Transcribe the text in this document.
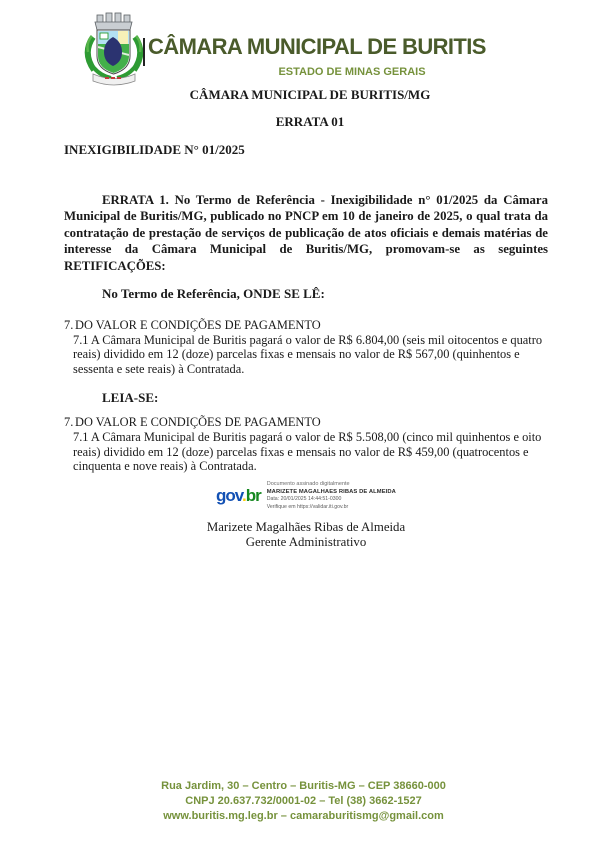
CÂMARA MUNICIPAL DE BURITIS
ESTADO DE MINAS GERAIS
CÂMARA MUNICIPAL DE BURITIS/MG
ERRATA 01
INEXIGIBILIDADE N° 01/2025

ERRATA 1. No Termo de Referência - Inexigibilidade n° 01/2025 da Câmara Municipal de Buritis/MG, publicado no PNCP em 10 de janeiro de 2025, o qual trata da contratação de prestação de serviços de publicação de atos oficiais e demais matérias de interesse da Câmara Municipal de Buritis/MG, promovam-se as seguintes RETIFICAÇÕES:

No Termo de Referência, ONDE SE LÊ:
7. DO VALOR E CONDIÇÕES DE PAGAMENTO

7.1 A Câmara Municipal de Buritis pagará o valor de R$ 6.804,00 (seis mil oitocentos e quatro reais) dividido em 12 (doze) parcelas fixas e mensais no valor de R$ 567,00 (quinhentos e sessenta e sete reais) à Contratada.

LEIA-SE:
7. DO VALOR E CONDIÇÕES DE PAGAMENTO

7.1 A Câmara Municipal de Buritis pagará o valor de R$ 5.508,00 (cinco mil quinhentos e oito reais) dividido em 12 (doze) parcelas fixas e mensais no valor de R$ 459,00 (quatrocentos e cinquenta e nove reais) à Contratada.

gov.br
Documento assinado digitalmente
MARIZETE MAGALHAES RIBAS DE ALMEIDA
Data: 20/01/2025 14:44:51-0300
Verifique em https://validar.iti.gov.br
Marizete Magalhães Ribas de Almeida
Gerente Administrativo
Rua Jardim, 30 – Centro – Buritis-MG – CEP 38660-000
CNPJ 20.637.732/0001-02 – Tel (38) 3662-1527
www.buritis.mg.leg.br – camaraburitismg@gmail.com
